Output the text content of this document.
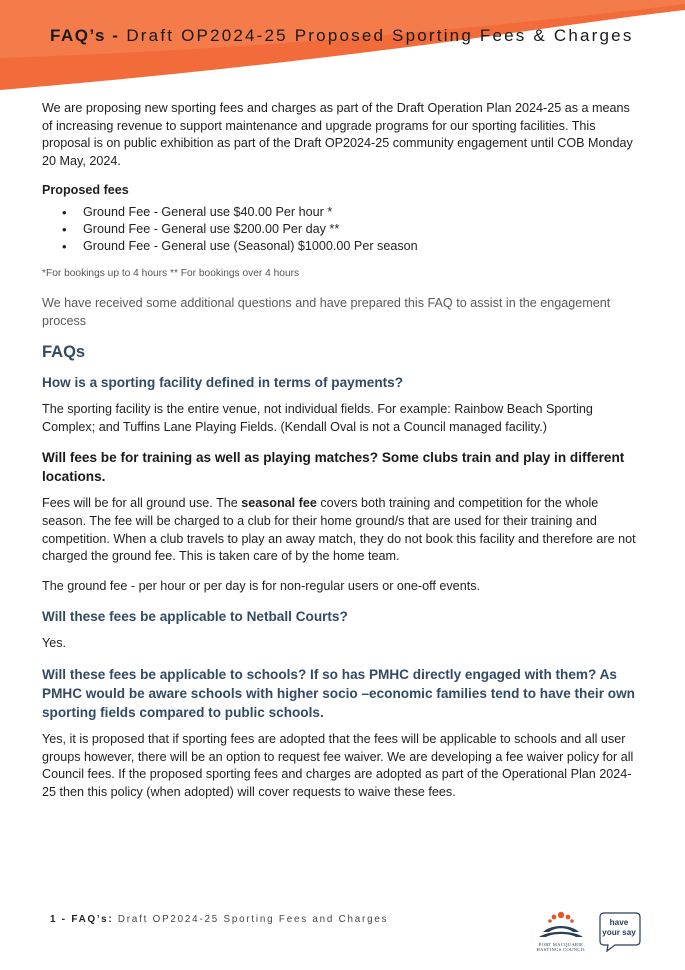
FAQ’s - Draft OP2024-25 Proposed Sporting Fees & Charges

We are proposing new sporting fees and charges as part of the Draft Operation Plan 2024-25 as a means of increasing revenue to support maintenance and upgrade programs for our sporting facilities. This proposal is on public exhibition as part of the Draft OP2024-25 community engagement until COB Monday 20 May, 2024.

Proposed fees
• Ground Fee - General use $40.00 Per hour *
• Ground Fee - General use $200.00 Per day **
• Ground Fee - General use (Seasonal) $1000.00 Per season

*For bookings up to 4 hours ** For bookings over 4 hours

We have received some additional questions and have prepared this FAQ to assist in the engagement process

FAQs
How is a sporting facility defined in terms of payments?

The sporting facility is the entire venue, not individual fields. For example: Rainbow Beach Sporting Complex; and Tuffins Lane Playing Fields. (Kendall Oval is not a Council managed facility.)

Will fees be for training as well as playing matches? Some clubs train and play in different locations.

Fees will be for all ground use. The seasonal fee covers both training and competition for the whole season. The fee will be charged to a club for their home ground/s that are used for their training and competition. When a club travels to play an away match, they do not book this facility and therefore are not charged the ground fee. This is taken care of by the home team.

The ground fee - per hour or per day is for non-regular users or one-off events.

Will these fees be applicable to Netball Courts?

Yes.

Will these fees be applicable to schools? If so has PMHC directly engaged with them? As PMHC would be aware schools with higher socio –economic families tend to have their own sporting fields compared to public schools.

Yes, it is proposed that if sporting fees are adopted that the fees will be applicable to schools and all user groups however, there will be an option to request fee waiver. We are developing a fee waiver policy for all Council fees. If the proposed sporting fees and charges are adopted as part of the Operational Plan 2024-25 then this policy (when adopted) will cover requests to waive these fees.

1 - FAQ’s: Draft OP2024-25 Sporting Fees and Charges
PORT MACQUARIE
HASTINGS COUNCIL
have
your say
